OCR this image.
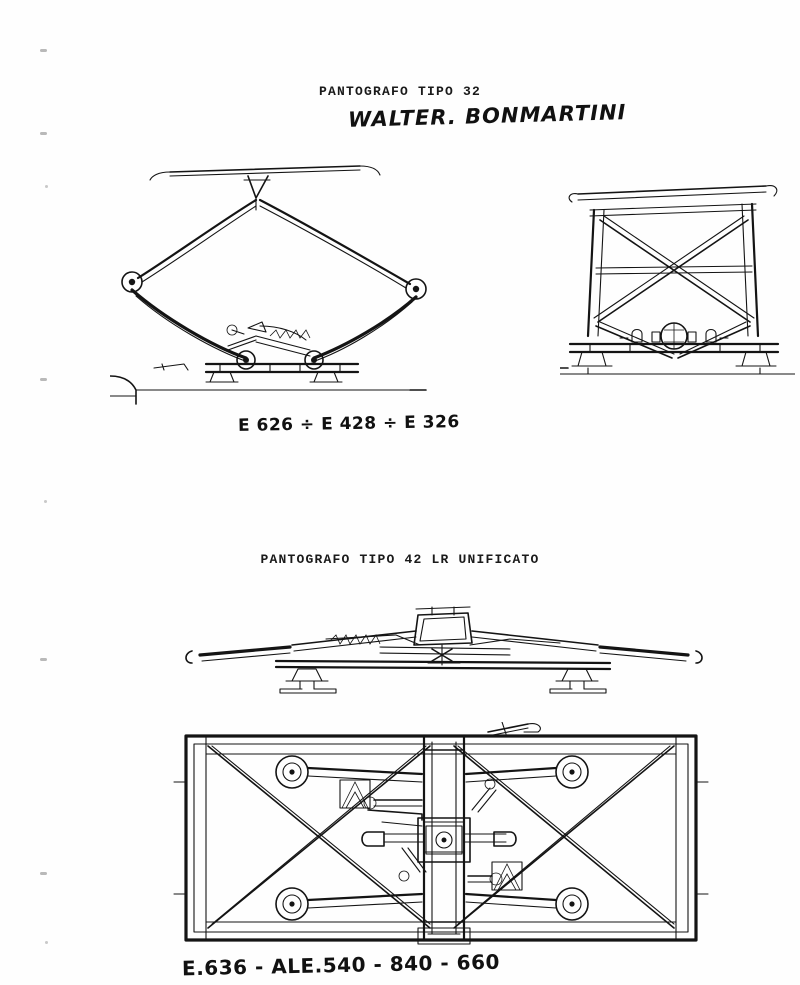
PANTOGRAFO TIPO 32
PANTOGRAFO TIPO 42 LR UNIFICATO
WALTER. BONMARTINI
E 626 ÷ E 428 ÷ E 326
E.636 - ALE.540 - 840 - 660
